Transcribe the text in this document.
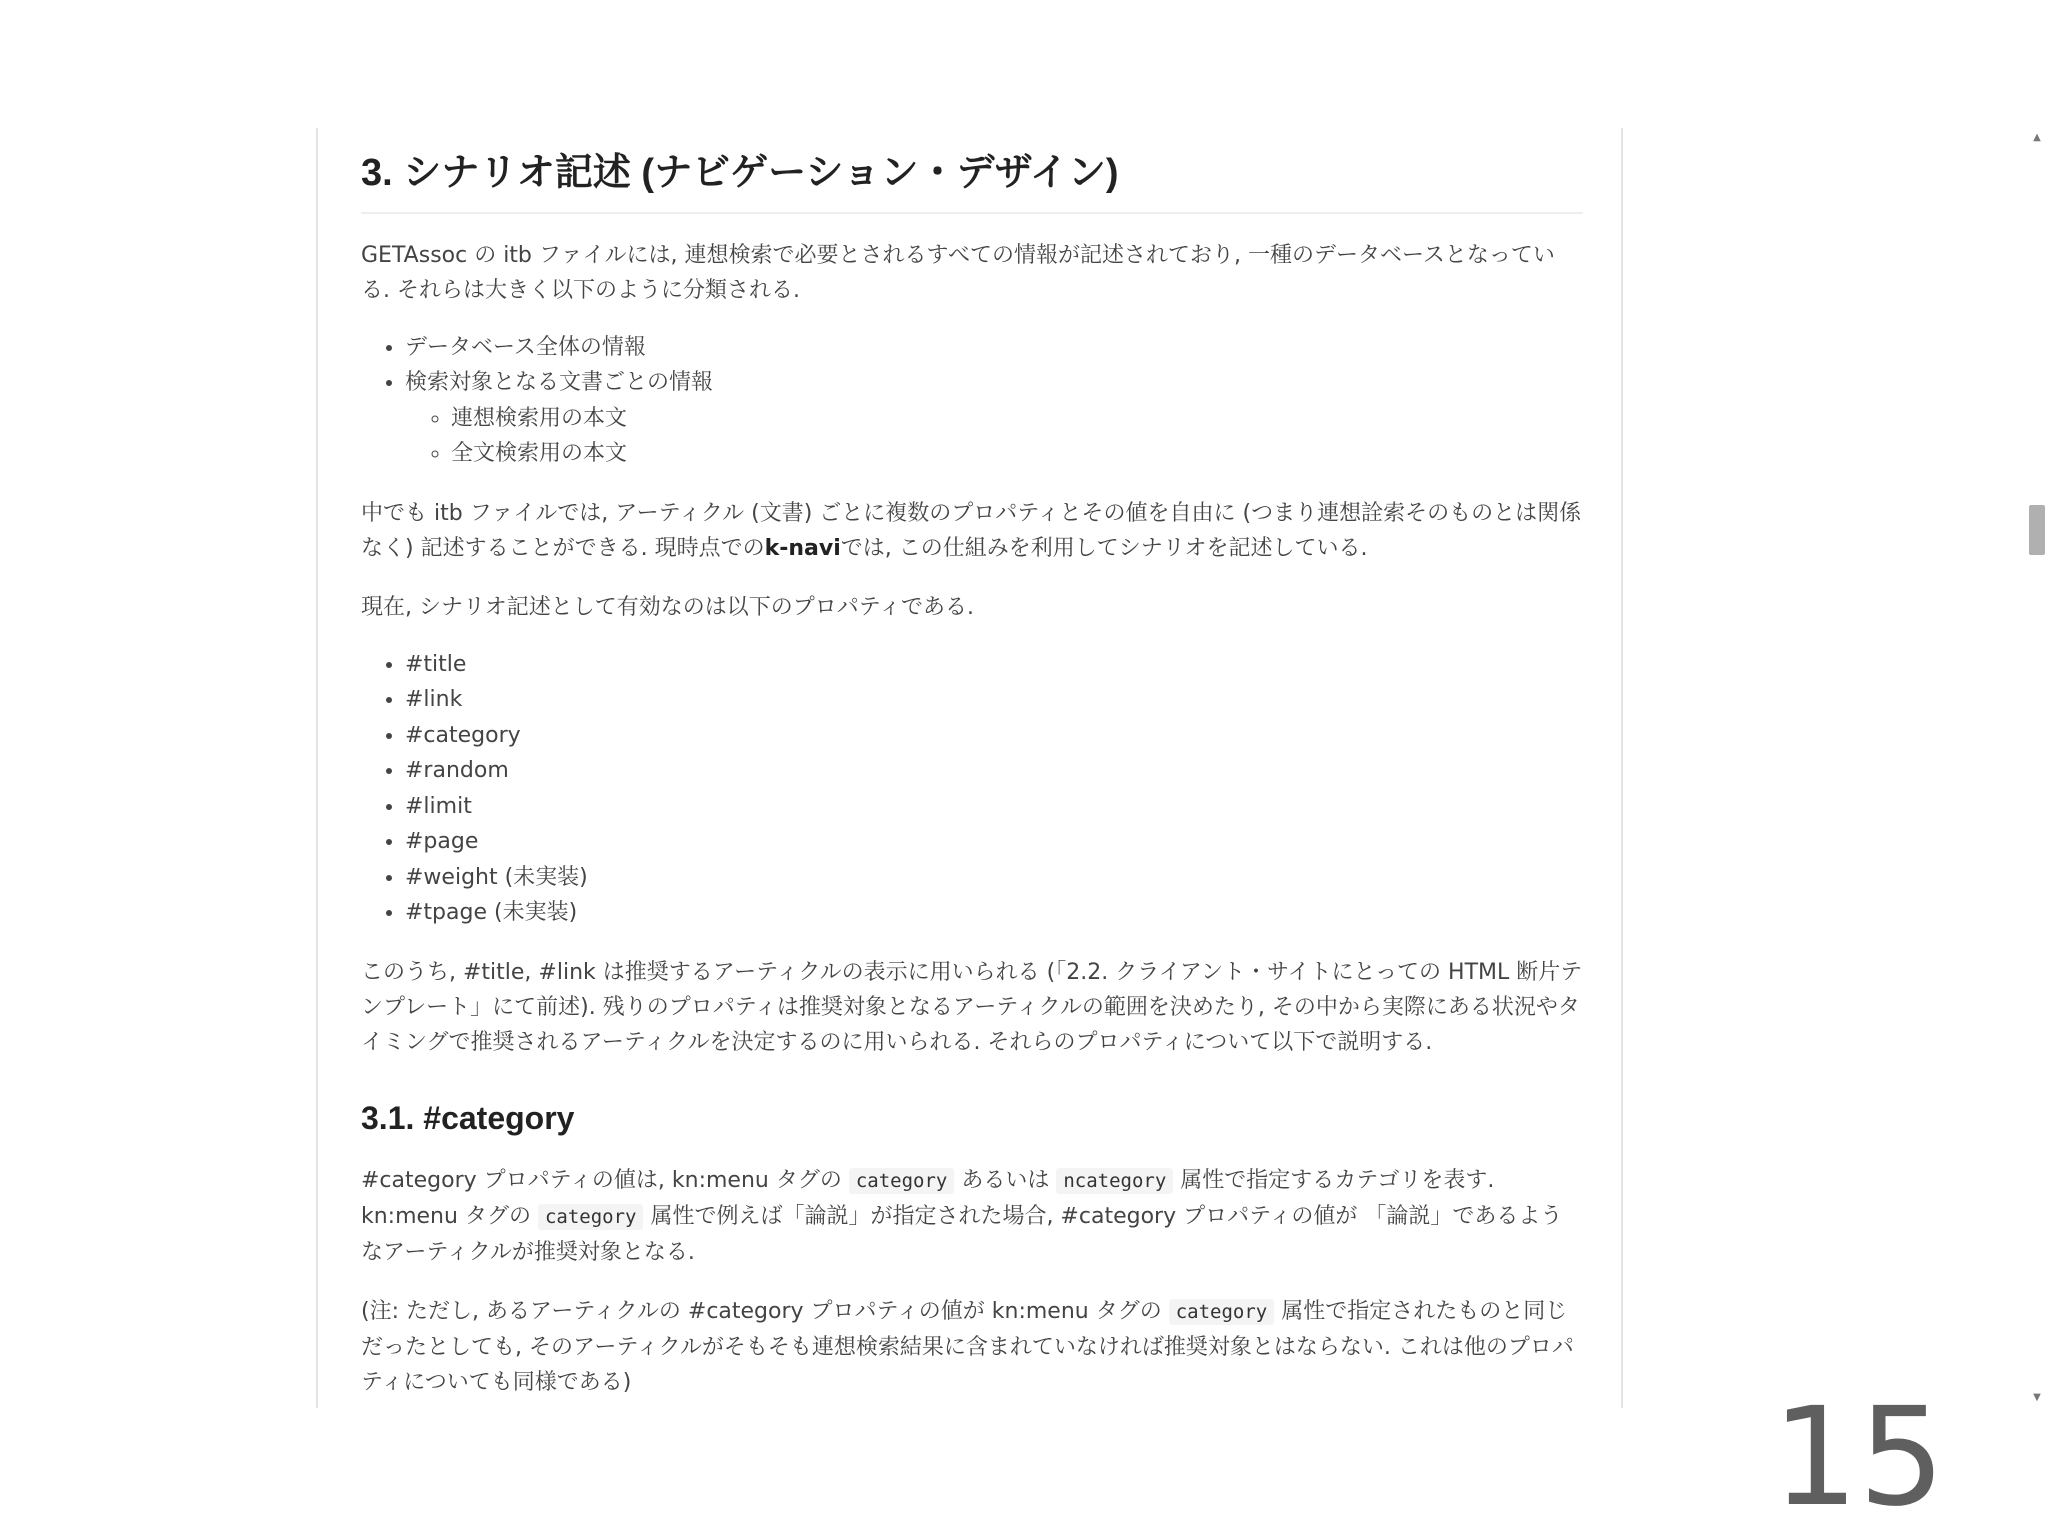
3. シナリオ記述 (ナビゲーション・デザイン)

GETAssoc の itb ファイルには, 連想検索で必要とされるすべての情報が記述されており, 一種のデータベースとなっている. それらは大きく以下のように分類される.

• データベース全体の情報
• 検索対象となる文書ごとの情報
◦ 連想検索用の本文
◦ 全文検索用の本文

中でも itb ファイルでは, アーティクル (文書) ごとに複数のプロパティとその値を自由に (つまり連想詮索そのものとは関係なく) 記述することができる. 現時点でのk-naviでは, この仕組みを利用してシナリオを記述している.

現在, シナリオ記述として有効なのは以下のプロパティである.

• #title
• #link
• #category
• #random
• #limit
• #page
• #weight (未実装)
• #tpage (未実装)

このうち, #title, #link は推奨するアーティクルの表示に用いられる (「2.2. クライアント・サイトにとっての HTML 断片テンプレート」にて前述). 残りのプロパティは推奨対象となるアーティクルの範囲を決めたり, その中から実際にある状況やタイミングで推奨されるアーティクルを決定するのに用いられる. それらのプロパティについて以下で説明する.

3.1. #category

#category プロパティの値は, kn:menu タグの category あるいは ncategory 属性で指定するカテゴリを表す. kn:menu タグの category 属性で例えば「論説」が指定された場合, #category プロパティの値が 「論説」であるようなアーティクルが推奨対象となる.

(注: ただし, あるアーティクルの #category プロパティの値が kn:menu タグの category 属性で指定されたものと同じだったとしても, そのアーティクルがそもそも連想検索結果に含まれていなければ推奨対象とはならない. これは他のプロパティについても同様である)

▲
▼
15
